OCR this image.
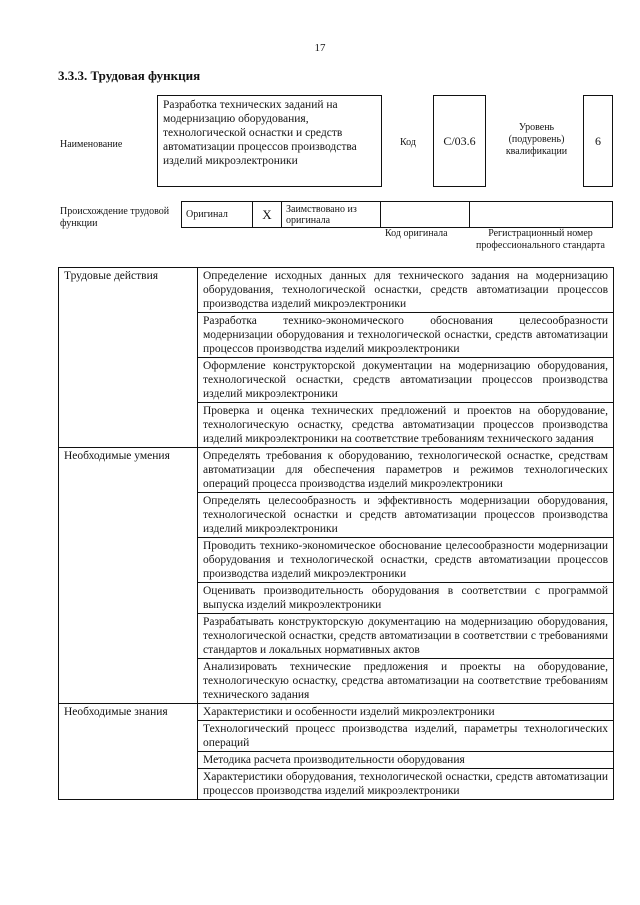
17
3.3.3. Трудовая функция
Наименование
Разработка технических заданий на модернизацию оборудования, технологической оснастки и средств автоматизации процессов производства изделий микроэлектроники
Код	C/03.6
Уровень (подуровень) квалификации
6
Происхождение трудовой функции
Оригинал	X	Заимствовано из оригинала		
Код оригинала	Регистрационный номер профессионального стандарта
Трудовые действия	Определение исходных данных для технического задания на модернизацию оборудования, технологической оснастки, средств автоматизации процессов производства изделий микроэлектроники
	Разработка технико-экономического обоснования целесообразности модернизации оборудования и технологической оснастки, средств автоматизации процессов производства изделий микроэлектроники
	Оформление конструкторской документации на модернизацию оборудования, технологической оснастки, средств автоматизации процессов производства изделий микроэлектроники
	Проверка и оценка технических предложений и проектов на оборудование, технологическую оснастку, средства автоматизации процессов производства изделий микроэлектроники на соответствие требованиям технического задания
Необходимые умения	Определять требования к оборудованию, технологической оснастке, средствам автоматизации для обеспечения параметров и режимов технологических операций процесса производства изделий микроэлектроники
	Определять целесообразность и эффективность модернизации оборудования, технологической оснастки и средств автоматизации процессов производства изделий микроэлектроники
	Проводить технико-экономическое обоснование целесообразности модернизации оборудования и технологической оснастки, средств автоматизации процессов производства изделий микроэлектроники
	Оценивать производительность оборудования в соответствии с программой выпуска изделий микроэлектроники
	Разрабатывать конструкторскую документацию на модернизацию оборудования, технологической оснастки, средств автоматизации в соответствии с требованиями стандартов и локальных нормативных актов
	Анализировать технические предложения и проекты на оборудование, технологическую оснастку, средства автоматизации на соответствие требованиям технического задания
Необходимые знания	Характеристики и особенности изделий микроэлектроники
	Технологический процесс производства изделий, параметры технологических операций
	Методика расчета производительности оборудования
	Характеристики оборудования, технологической оснастки, средств автоматизации процессов производства изделий микроэлектроники
